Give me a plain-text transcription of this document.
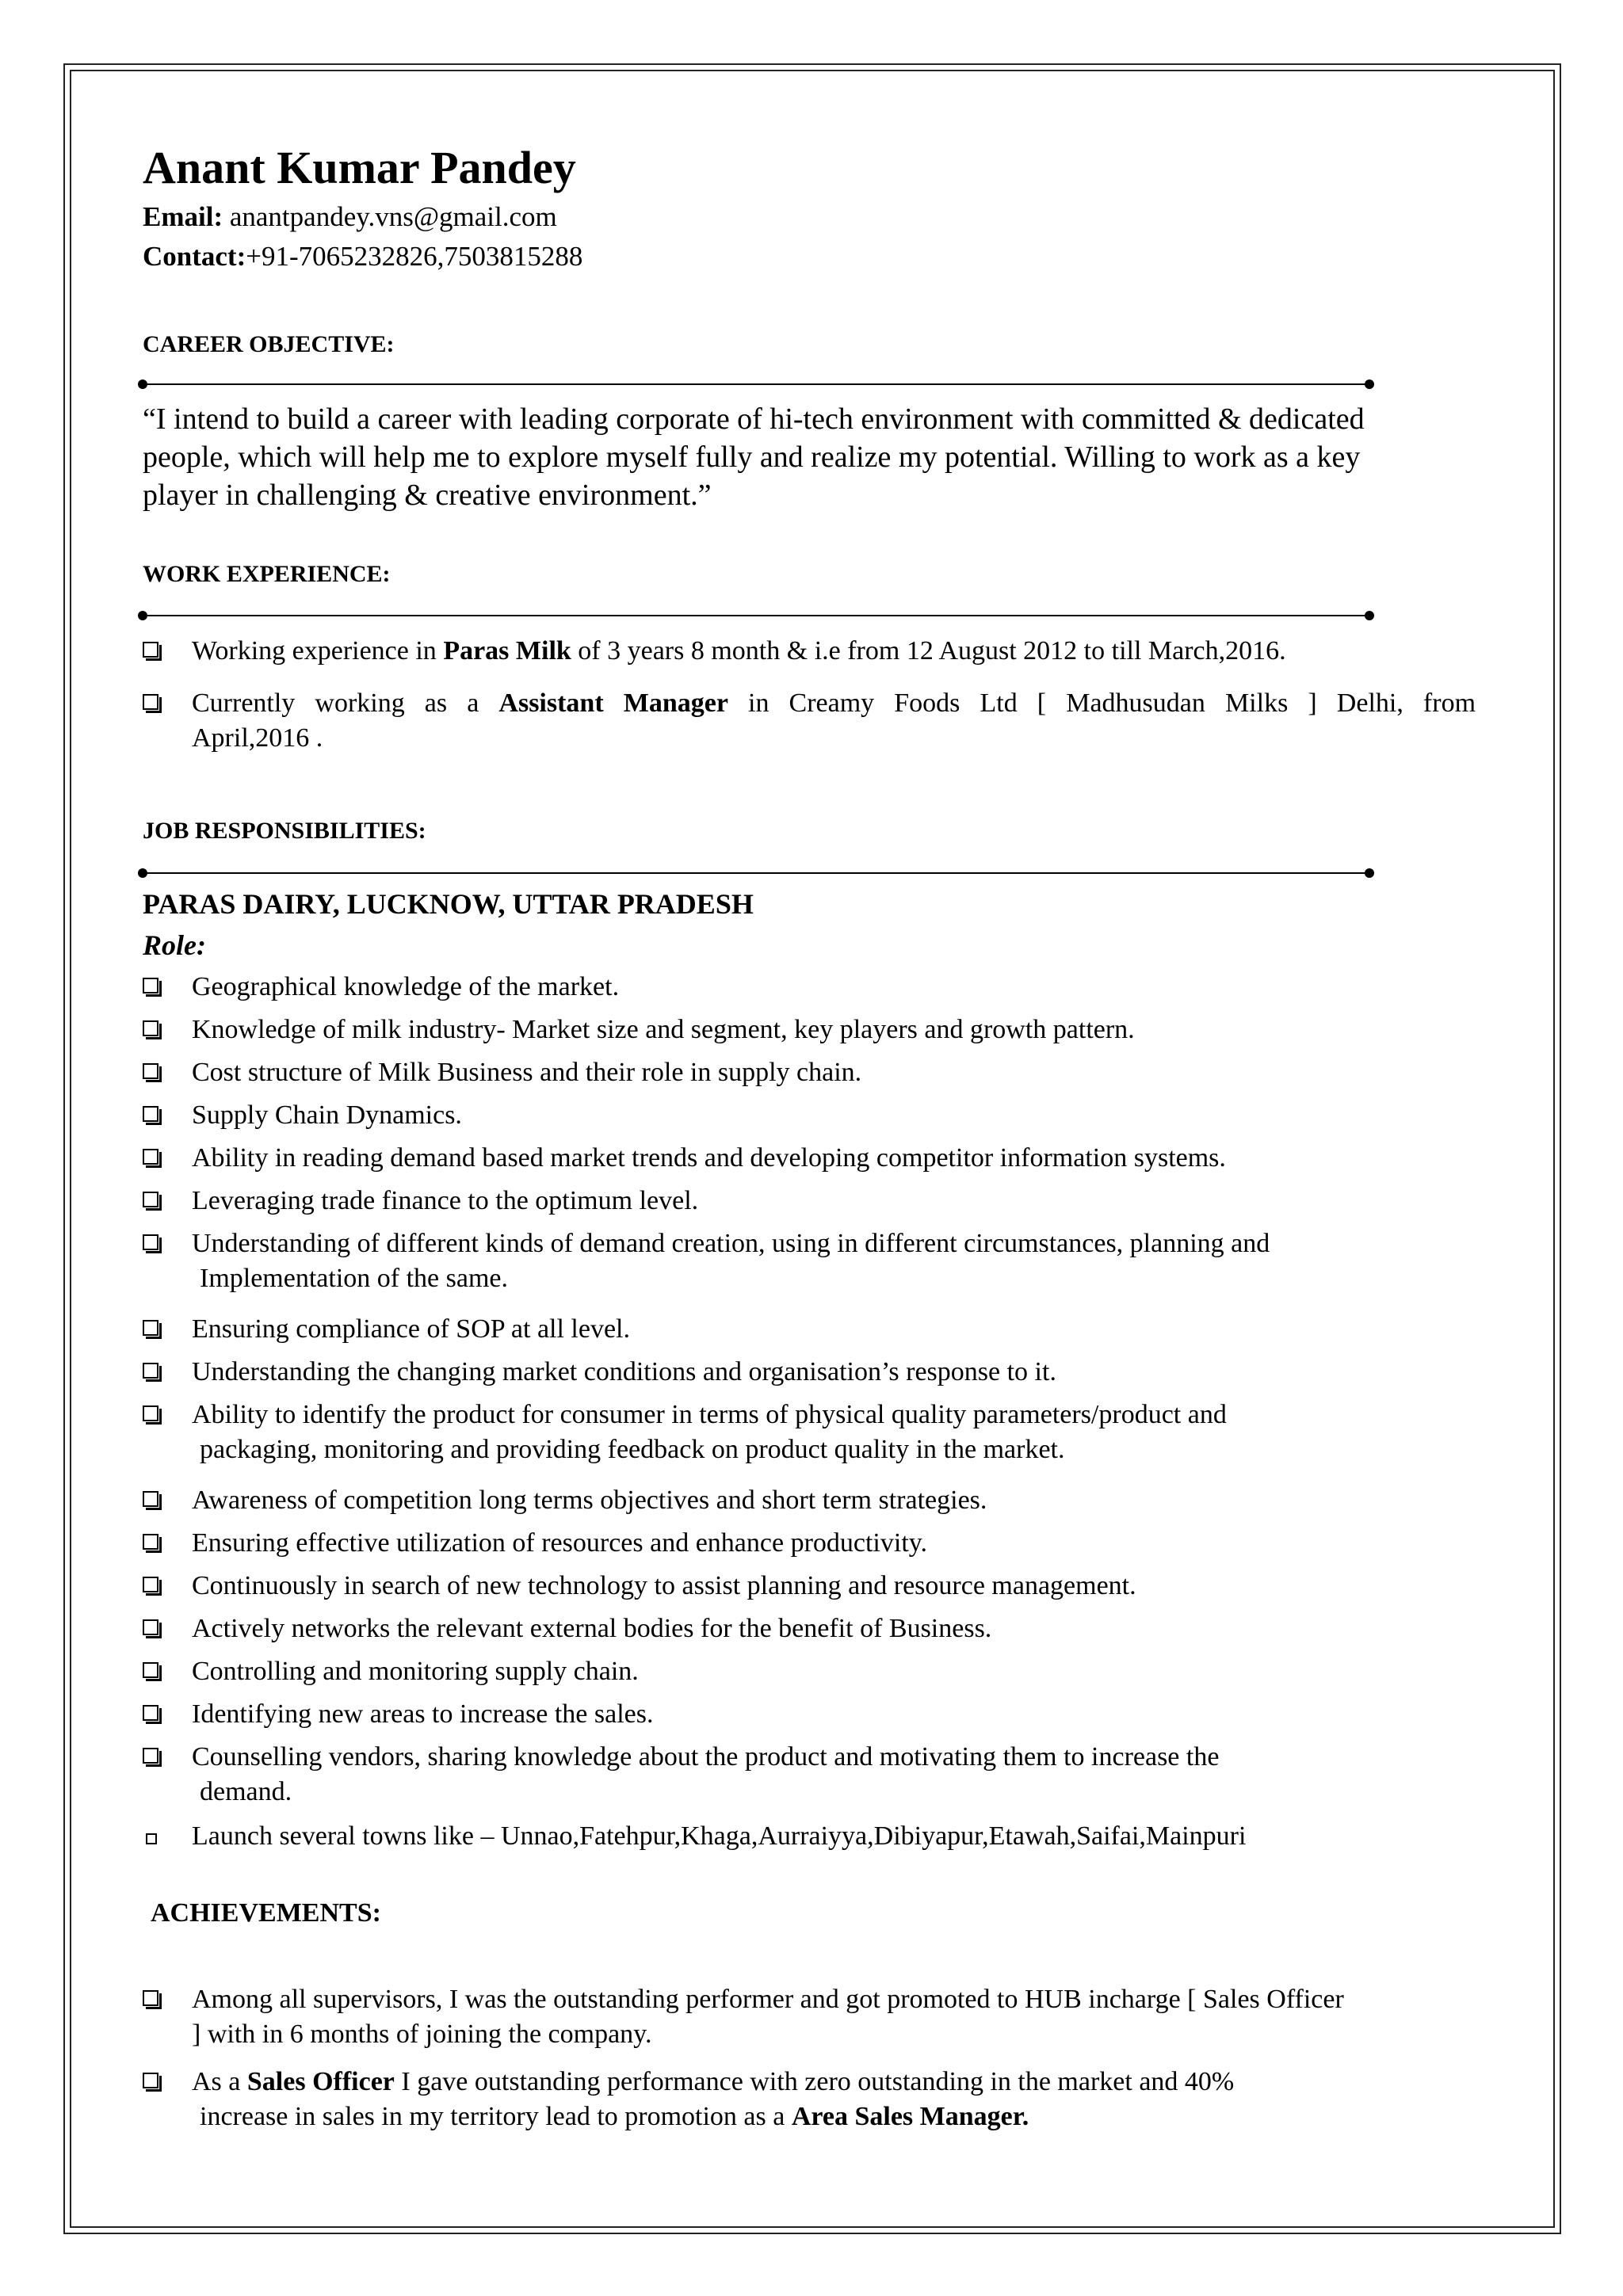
Anant Kumar Pandey
Email: anantpandey.vns@gmail.com
Contact:+91-7065232826,7503815288
CAREER OBJECTIVE:
“I intend to build a career with leading corporate of hi-tech environment with committed & dedicated
people, which will help me to explore myself fully and realize my potential. Willing to work as a key
player in challenging & creative environment.”
WORK EXPERIENCE:
Working experience in Paras Milk of 3 years 8 month & i.e from 12 August 2012 to till March,2016.
Currently working as a Assistant Manager in Creamy Foods Ltd [ Madhusudan Milks ] Delhi, from
April,2016 .
JOB RESPONSIBILITIES:
PARAS DAIRY, LUCKNOW, UTTAR PRADESH
Role:
Geographical knowledge of the market.
Knowledge of milk industry- Market size and segment, key players and growth pattern.
Cost structure of Milk Business and their role in supply chain.
Supply Chain Dynamics.
Ability in reading demand based market trends and developing competitor information systems.
Leveraging trade finance to the optimum level.
Understanding of different kinds of demand creation, using in different circumstances, planning and
Implementation of the same.
Ensuring compliance of SOP at all level.
Understanding the changing market conditions and organisation’s response to it.
Ability to identify the product for consumer in terms of physical quality parameters/product and
packaging, monitoring and providing feedback on product quality in the market.
Awareness of competition long terms objectives and short term strategies.
Ensuring effective utilization of resources and enhance productivity.
Continuously in search of new technology to assist planning and resource management.
Actively networks the relevant external bodies for the benefit of Business.
Controlling and monitoring supply chain.
Identifying new areas to increase the sales.
Counselling vendors, sharing knowledge about the product and motivating them to increase the
demand.
Launch several towns like – Unnao,Fatehpur,Khaga,Aurraiyya,Dibiyapur,Etawah,Saifai,Mainpuri
ACHIEVEMENTS:
Among all supervisors, I was the outstanding performer and got promoted to HUB incharge [ Sales Officer
] with in 6 months of joining the company.
As a Sales Officer I gave outstanding performance with zero outstanding in the market and 40%
increase in sales in my territory lead to promotion as a Area Sales Manager.
